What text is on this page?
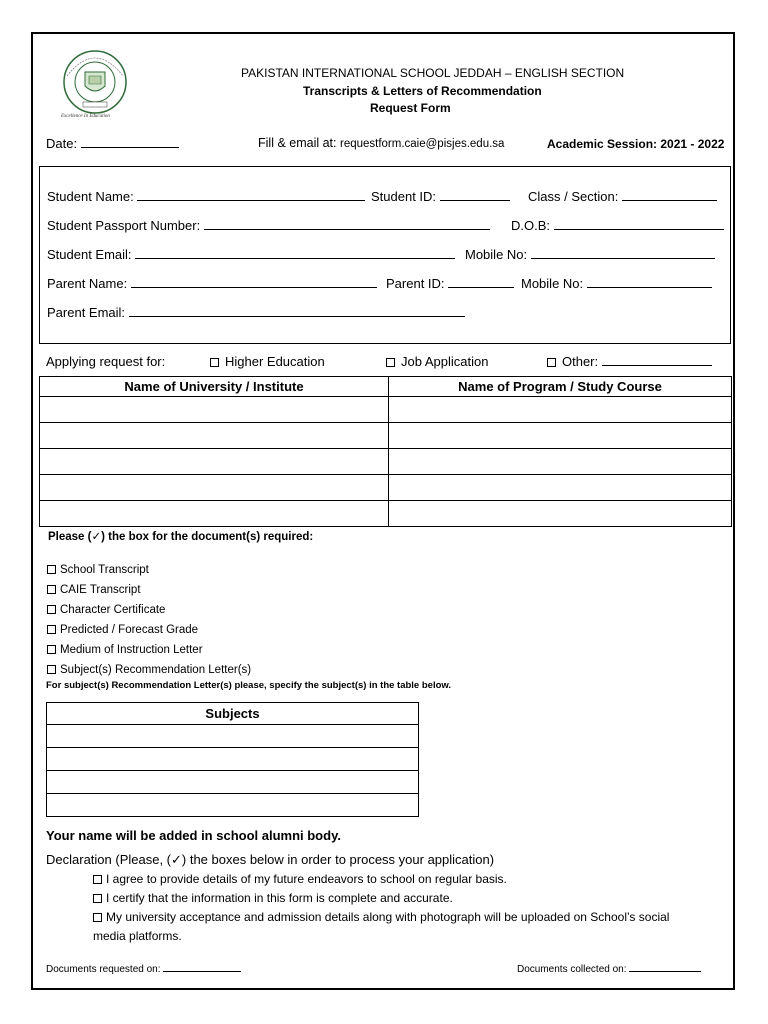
Excellence In Education
PAKISTAN INTERNATIONAL SCHOOL JEDDAH – ENGLISH SECTION
Transcripts & Letters of Recommendation
Request Form
Date:	Fill & email at: requestform.caie@pisjes.edu.sa	Academic Session: 2021 - 2022
Student Name:	Student ID:	Class / Section:
Student Passport Number:	D.O.B:
Student Email:	Mobile No:
Parent Name:	Parent ID:	Mobile No:
Parent Email:
Applying request for:	Higher Education	Job Application	Other:
Name of University / Institute	Name of Program / Study Course

Please (✓) the box for the document(s) required:
School Transcript
CAIE Transcript
Character Certificate
Predicted / Forecast Grade
Medium of Instruction Letter
Subject(s) Recommendation Letter(s)
For subject(s) Recommendation Letter(s) please, specify the subject(s) in the table below.
Subjects

Your name will be added in school alumni body.
Declaration (Please, (✓) the boxes below in order to process your application)
I agree to provide details of my future endeavors to school on regular basis.
I certify that the information in this form is complete and accurate.
My university acceptance and admission details along with photograph will be uploaded on School’s social
media platforms.
Documents requested on:	Documents collected on:
